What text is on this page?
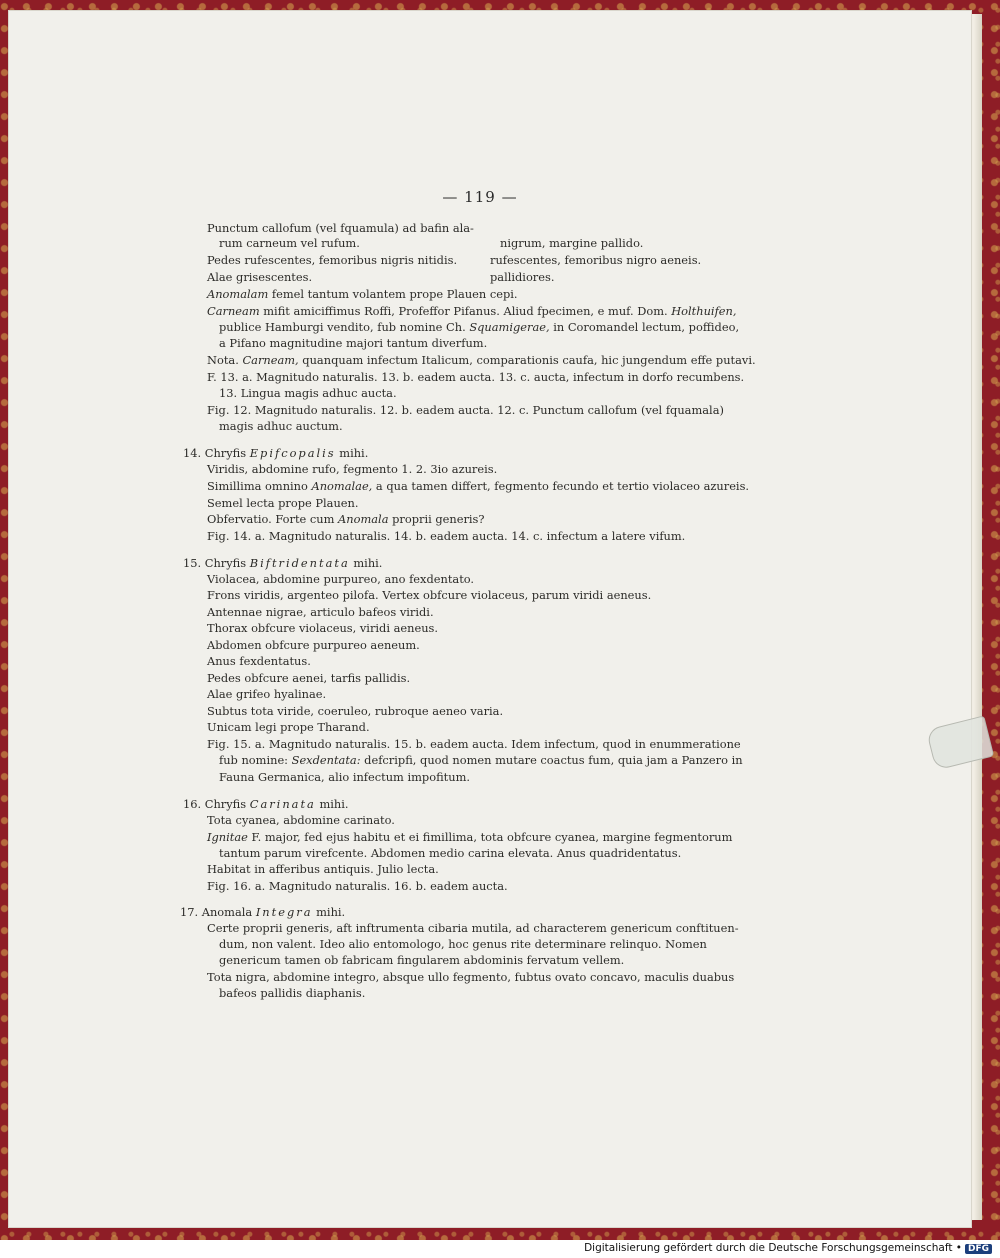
— 119 —
Punctum callofum (vel fquamula) ad bafin ala-
rum carneum vel rufum.	nigrum, margine pallido.
Pedes rufescentes, femoribus nigris nitidis.	rufescentes, femoribus nigro aeneis.
Alae grisescentes.	pallidiores.
Anomalam femel tantum volantem prope Plauen cepi.
Carneam mifit amiciffimus Roffi, Profeffor Pifanus. Aliud fpecimen, e muf. Dom. Holthuifen,
publice Hamburgi vendito, fub nomine Ch. Squamigerae, in Coromandel lectum, poffideo,
a Pifano magnitudine majori tantum diverfum.
Nota. Carneam, quanquam infectum Italicum, comparationis caufa, hic jungendum effe putavi.
F. 13. a. Magnitudo naturalis. 13. b. eadem aucta. 13. c. aucta, infectum in dorfo recumbens.
13. Lingua magis adhuc aucta.
Fig. 12. Magnitudo naturalis. 12. b. eadem aucta. 12. c. Punctum callofum (vel fquamala)
magis adhuc auctum.
14. Chryfis Epifcopalis mihi.
Viridis, abdomine rufo, fegmento 1. 2. 3io azureis.
Simillima omnino Anomalae, a qua tamen differt, fegmento fecundo et tertio violaceo azureis.
Semel lecta prope Plauen.
Obfervatio. Forte cum Anomala proprii generis?
Fig. 14. a. Magnitudo naturalis. 14. b. eadem aucta. 14. c. infectum a latere vifum.
15. Chryfis Biftridentata mihi.
Violacea, abdomine purpureo, ano fexdentato.
Frons viridis, argenteo pilofa. Vertex obfcure violaceus, parum viridi aeneus.
Antennae nigrae, articulo bafeos viridi.
Thorax obfcure violaceus, viridi aeneus.
Abdomen obfcure purpureo aeneum.
Anus fexdentatus.
Pedes obfcure aenei, tarfis pallidis.
Alae grifeo hyalinae.
Subtus tota viride, coeruleo, rubroque aeneo varia.
Unicam legi prope Tharand.
Fig. 15. a. Magnitudo naturalis. 15. b. eadem aucta. Idem infectum, quod in enummeratione
fub nomine: Sexdentata: defcripfi, quod nomen mutare coactus fum, quia jam a Panzero in
Fauna Germanica, alio infectum impofitum.
16. Chryfis Carinata mihi.
Tota cyanea, abdomine carinato.
Ignitae F. major, fed ejus habitu et ei fimillima, tota obfcure cyanea, margine fegmentorum
tantum parum virefcente. Abdomen medio carina elevata. Anus quadridentatus.
Habitat in afferibus antiquis. Julio lecta.
Fig. 16. a. Magnitudo naturalis. 16. b. eadem aucta.
17. Anomala Integra mihi.
Certe proprii generis, aft inftrumenta cibaria mutila, ad characterem genericum conftituen-
dum, non valent. Ideo alio entomologo, hoc genus rite determinare relinquo. Nomen
genericum tamen ob fabricam fingularem abdominis fervatum vellem.
Tota nigra, abdomine integro, absque ullo fegmento, fubtus ovato concavo, maculis duabus
bafeos pallidis diaphanis.
Digitalisierung gefördert durch die Deutsche Forschungsgemeinschaft • DFG
